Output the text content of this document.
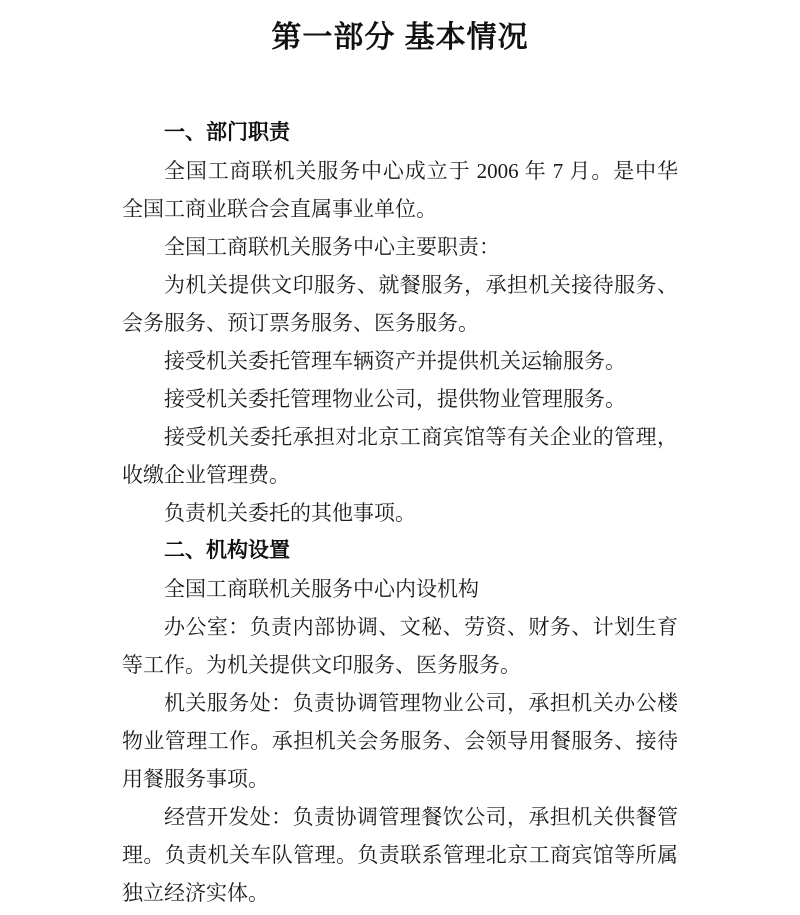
第一部分 基本情况
一、部门职责

全国工商联机关服务中心成立于 2006 年 7 月。是中华全国工商业联合会直属事业单位。

全国工商联机关服务中心主要职责：

为机关提供文印服务、就餐服务，承担机关接待服务、会务服务、预订票务服务、医务服务。

接受机关委托管理车辆资产并提供机关运输服务。

接受机关委托管理物业公司，提供物业管理服务。

接受机关委托承担对北京工商宾馆等有关企业的管理，收缴企业管理费。

负责机关委托的其他事项。

二、机构设置

全国工商联机关服务中心内设机构

办公室：负责内部协调、文秘、劳资、财务、计划生育等工作。为机关提供文印服务、医务服务。

机关服务处：负责协调管理物业公司，承担机关办公楼物业管理工作。承担机关会务服务、会领导用餐服务、接待用餐服务事项。

经营开发处：负责协调管理餐饮公司，承担机关供餐管理。负责机关车队管理。负责联系管理北京工商宾馆等所属独立经济实体。
